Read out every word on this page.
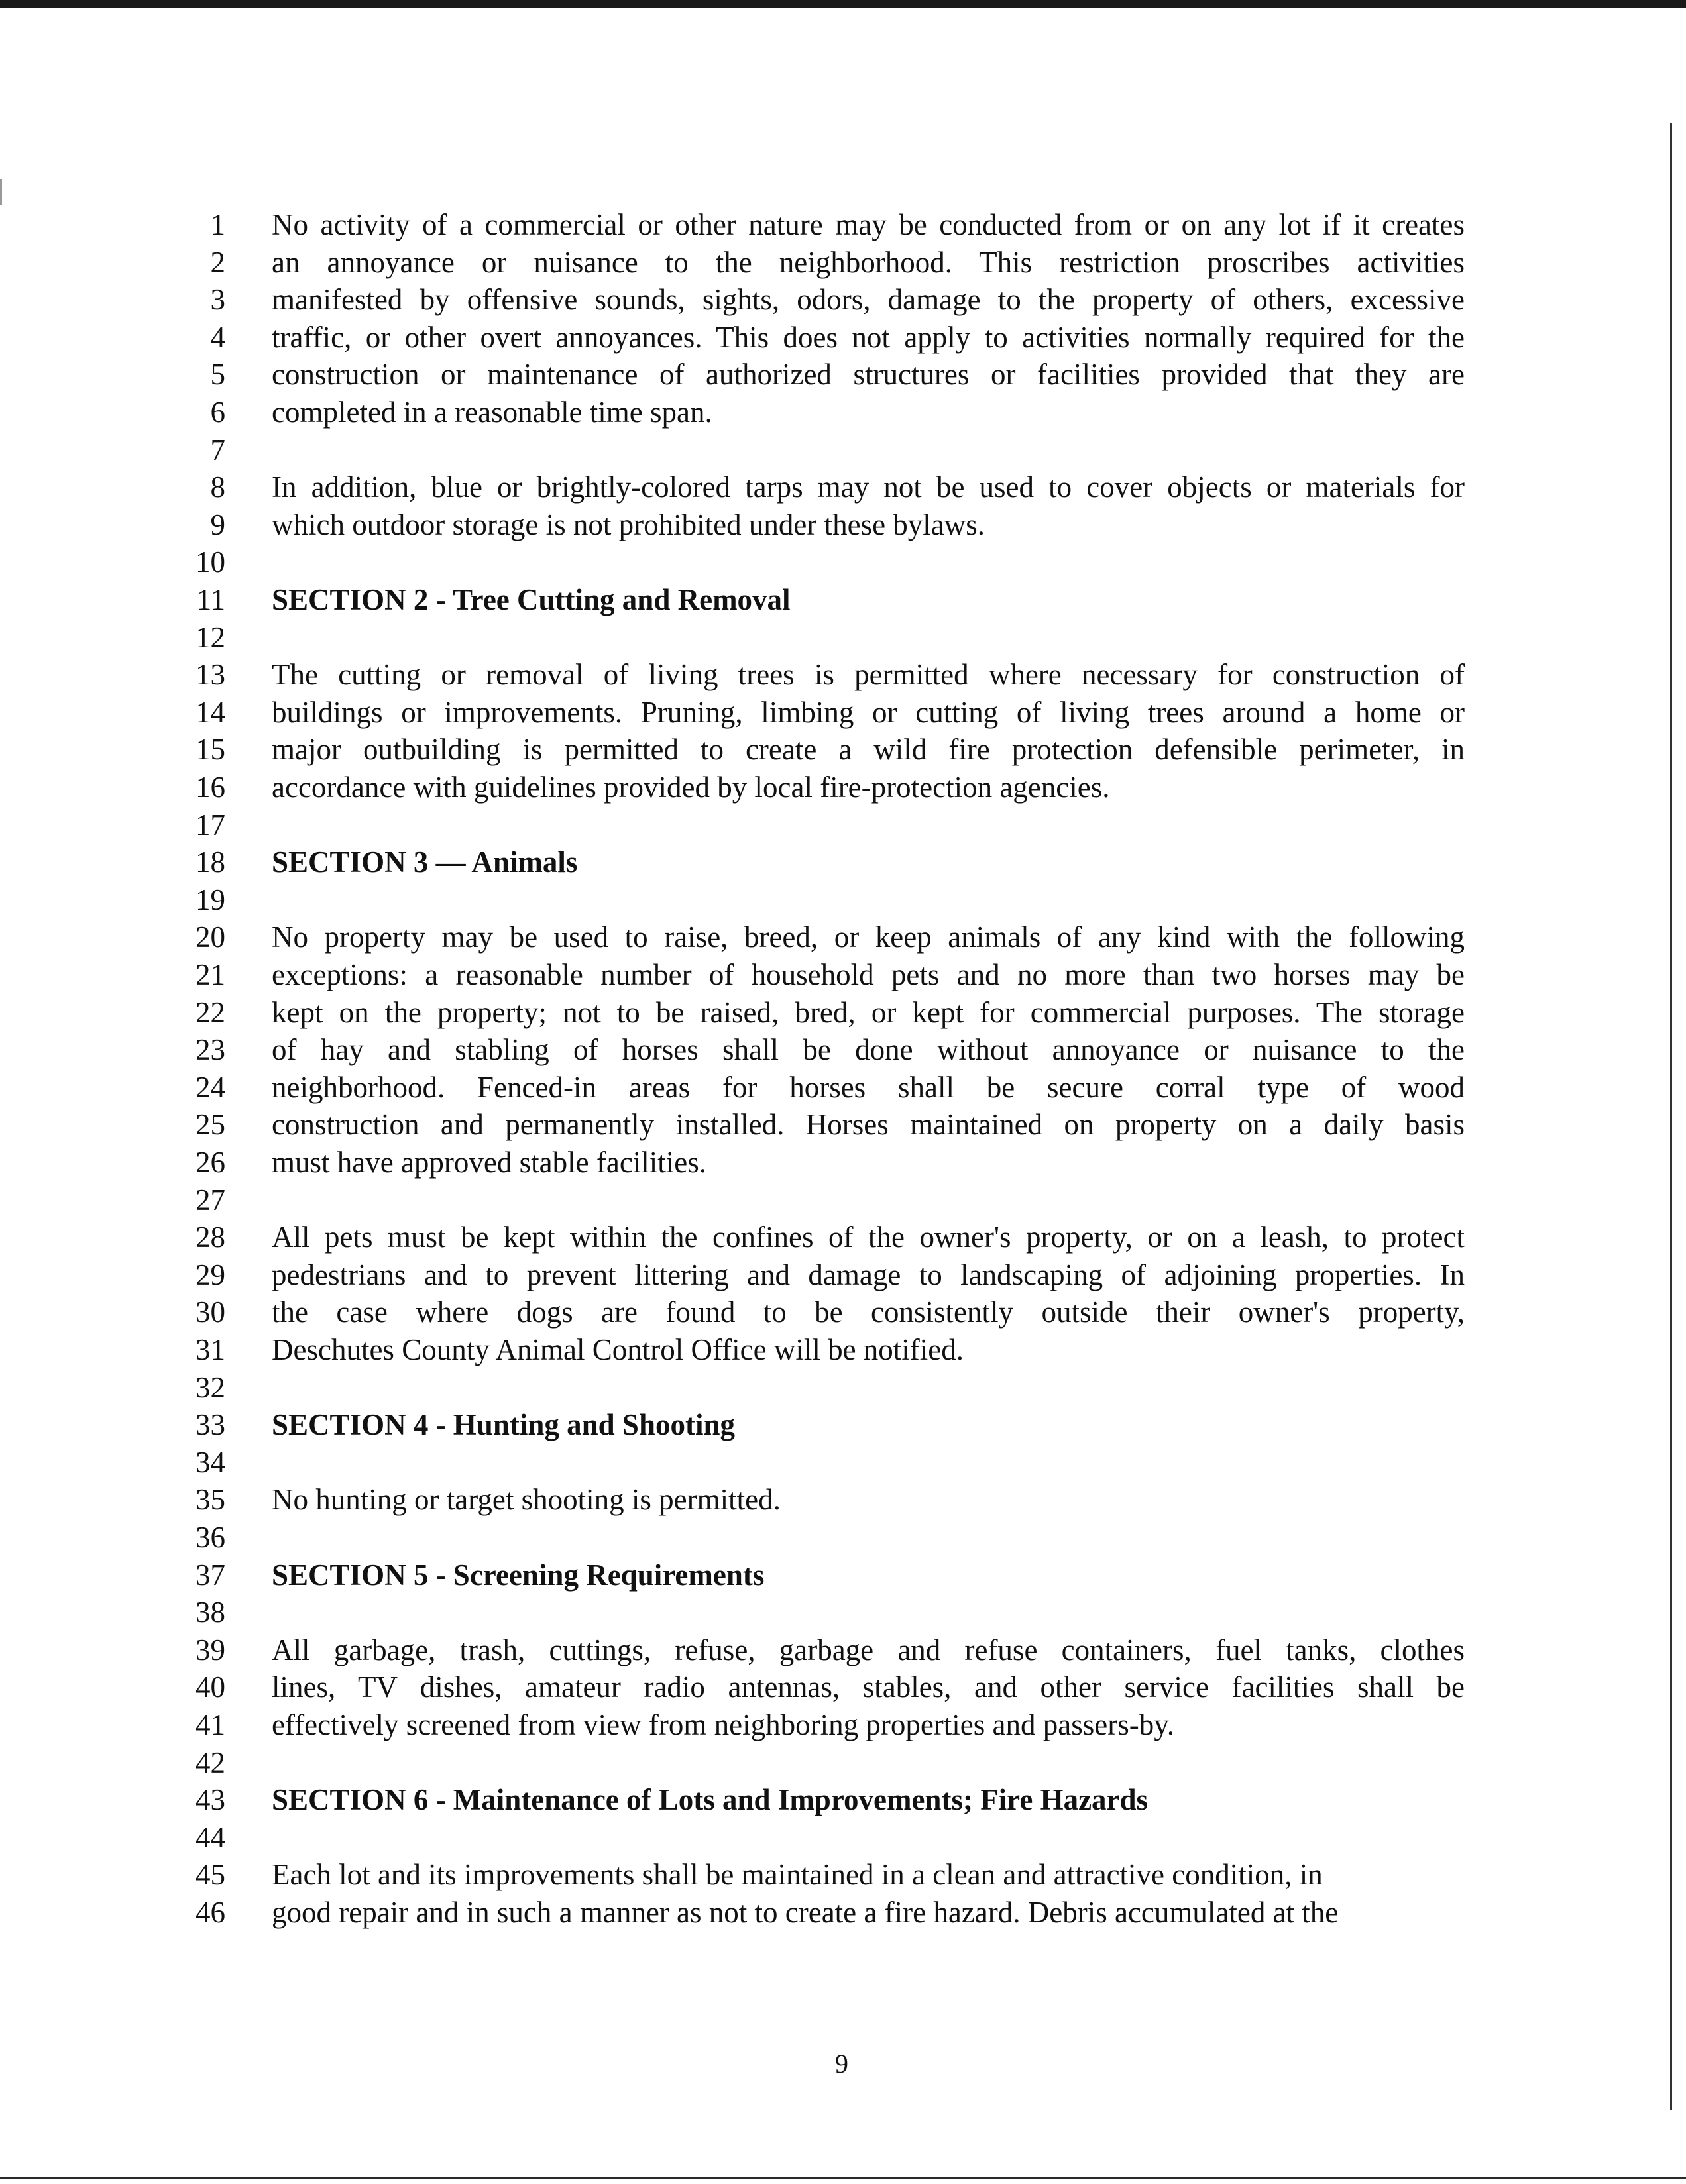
1 No activity of a commercial or other nature may be conducted from or on any lot if it creates
2 an annoyance or nuisance to the neighborhood. This restriction proscribes activities
3 manifested by offensive sounds, sights, odors, damage to the property of others, excessive
4 traffic, or other overt annoyances. This does not apply to activities normally required for the
5 construction or maintenance of authorized structures or facilities provided that they are
6 completed in a reasonable time span.
7
8 In addition, blue or brightly-colored tarps may not be used to cover objects or materials for
9 which outdoor storage is not prohibited under these bylaws.
10
11 SECTION 2 - Tree Cutting and Removal
12
13 The cutting or removal of living trees is permitted where necessary for construction of
14 buildings or improvements. Pruning, limbing or cutting of living trees around a home or
15 major outbuilding is permitted to create a wild fire protection defensible perimeter, in
16 accordance with guidelines provided by local fire-protection agencies.
17
18 SECTION 3 — Animals
19
20 No property may be used to raise, breed, or keep animals of any kind with the following
21 exceptions: a reasonable number of household pets and no more than two horses may be
22 kept on the property; not to be raised, bred, or kept for commercial purposes. The storage
23 of hay and stabling of horses shall be done without annoyance or nuisance to the
24 neighborhood. Fenced-in areas for horses shall be secure corral type of wood
25 construction and permanently installed. Horses maintained on property on a daily basis
26 must have approved stable facilities.
27
28 All pets must be kept within the confines of the owner's property, or on a leash, to protect
29 pedestrians and to prevent littering and damage to landscaping of adjoining properties. In
30 the case where dogs are found to be consistently outside their owner's property,
31 Deschutes County Animal Control Office will be notified.
32
33 SECTION 4 - Hunting and Shooting
34
35 No hunting or target shooting is permitted.
36
37 SECTION 5 - Screening Requirements
38
39 All garbage, trash, cuttings, refuse, garbage and refuse containers, fuel tanks, clothes
40 lines, TV dishes, amateur radio antennas, stables, and other service facilities shall be
41 effectively screened from view from neighboring properties and passers-by.
42
43 SECTION 6 - Maintenance of Lots and Improvements; Fire Hazards
44
45 Each lot and its improvements shall be maintained in a clean and attractive condition, in
46 good repair and in such a manner as not to create a fire hazard. Debris accumulated at the
9
